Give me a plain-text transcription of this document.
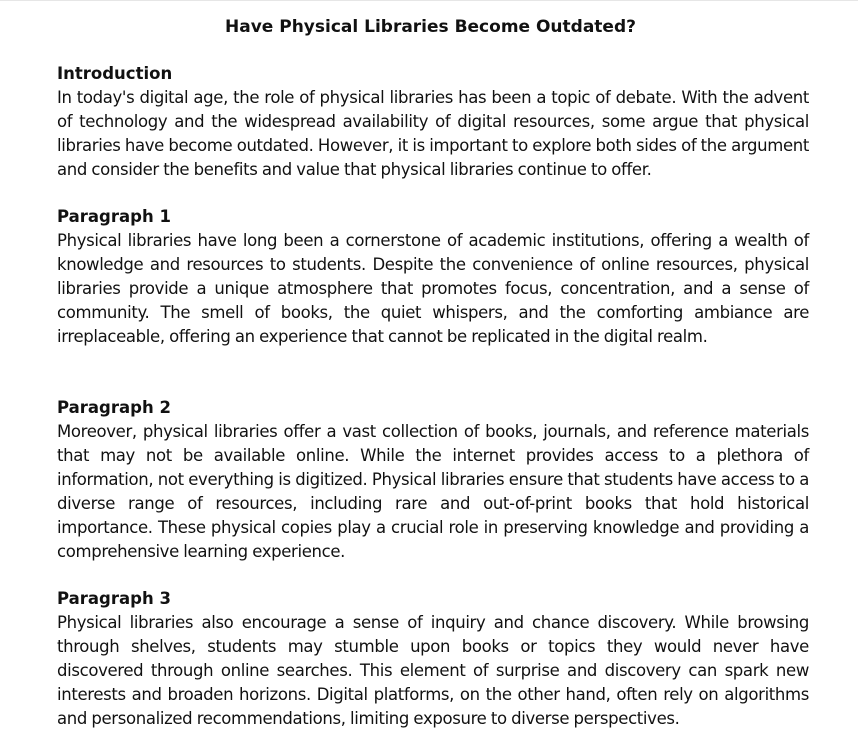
Have Physical Libraries Become Outdated?
Introduction

In today's digital age, the role of physical libraries has been a topic of debate. With the advent of technology and the widespread availability of digital resources, some argue that physical libraries have become outdated. However, it is important to explore both sides of the argument and consider the benefits and value that physical libraries continue to offer.

Paragraph 1

Physical libraries have long been a cornerstone of academic institutions, offering a wealth of knowledge and resources to students. Despite the convenience of online resources, physical libraries provide a unique atmosphere that promotes focus, concentration, and a sense of community. The smell of books, the quiet whispers, and the comforting ambiance are irreplaceable, offering an experience that cannot be replicated in the digital realm.

Paragraph 2

Moreover, physical libraries offer a vast collection of books, journals, and reference materials that may not be available online. While the internet provides access to a plethora of information, not everything is digitized. Physical libraries ensure that students have access to a diverse range of resources, including rare and out-of-print books that hold historical importance. These physical copies play a crucial role in preserving knowledge and providing a comprehensive learning experience.

Paragraph 3

Physical libraries also encourage a sense of inquiry and chance discovery. While browsing through shelves, students may stumble upon books or topics they would never have discovered through online searches. This element of surprise and discovery can spark new interests and broaden horizons. Digital platforms, on the other hand, often rely on algorithms and personalized recommendations, limiting exposure to diverse perspectives.
